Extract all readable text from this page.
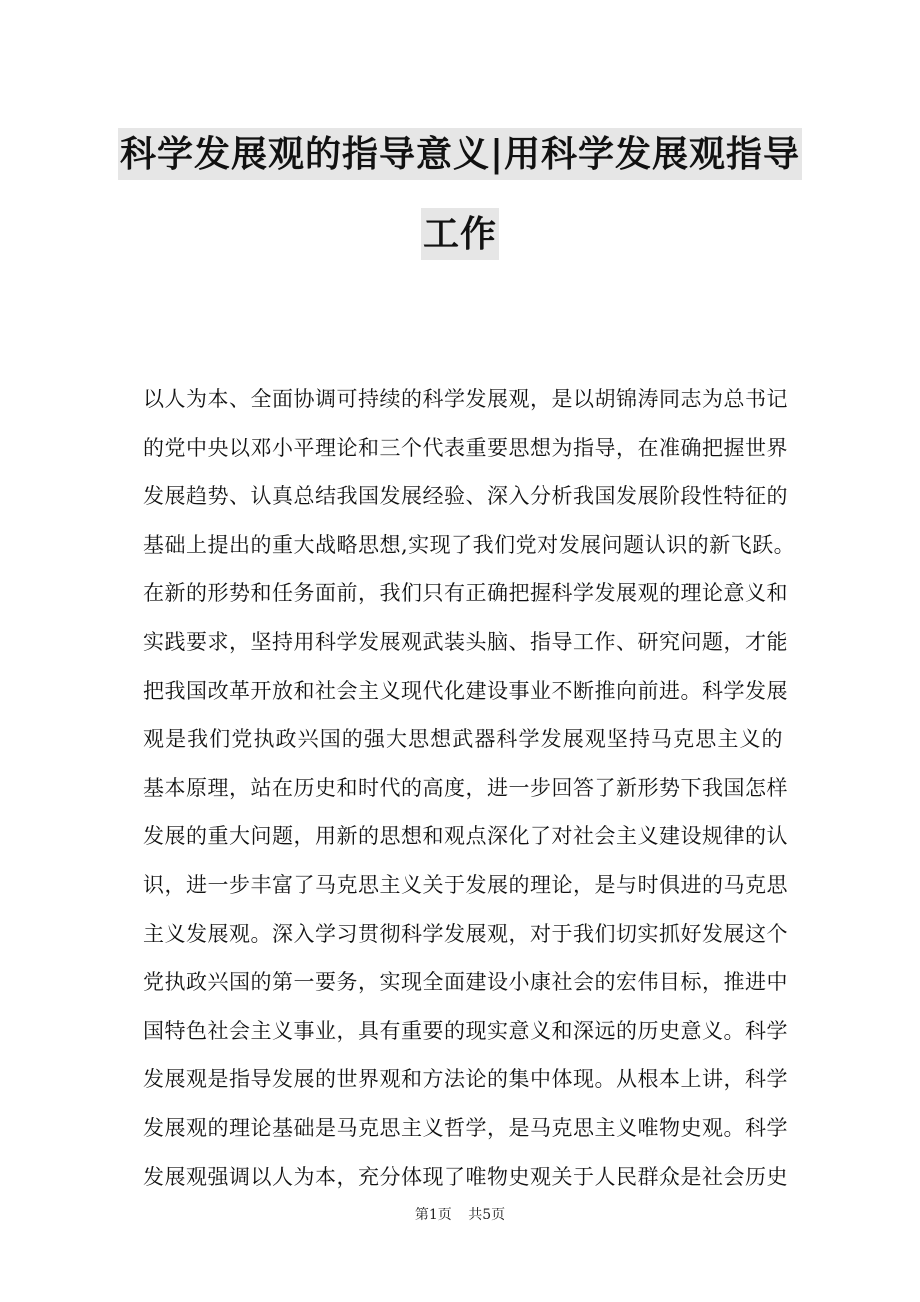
科学发展观的指导意义|用科学发展观指导
工作
以人为本、全面协调可持续的科学发展观，是以胡锦涛同志为总书记
的党中央以邓小平理论和三个代表重要思想为指导，在准确把握世界
发展趋势、认真总结我国发展经验、深入分析我国发展阶段性特征的
基础上提出的重大战略思想,实现了我们党对发展问题认识的新飞跃。
在新的形势和任务面前，我们只有正确把握科学发展观的理论意义和
实践要求，坚持用科学发展观武装头脑、指导工作、研究问题，才能
把我国改革开放和社会主义现代化建设事业不断推向前进。科学发展
观是我们党执政兴国的强大思想武器科学发展观坚持马克思主义的
基本原理，站在历史和时代的高度，进一步回答了新形势下我国怎样
发展的重大问题，用新的思想和观点深化了对社会主义建设规律的认
识，进一步丰富了马克思主义关于发展的理论，是与时俱进的马克思
主义发展观。深入学习贯彻科学发展观，对于我们切实抓好发展这个
党执政兴国的第一要务，实现全面建设小康社会的宏伟目标，推进中
国特色社会主义事业，具有重要的现实意义和深远的历史意义。科学
发展观是指导发展的世界观和方法论的集中体现。从根本上讲，科学
发展观的理论基础是马克思主义哲学，是马克思主义唯物史观。科学
发展观强调以人为本，充分体现了唯物史观关于人民群众是社会历史
第1页 共5页
